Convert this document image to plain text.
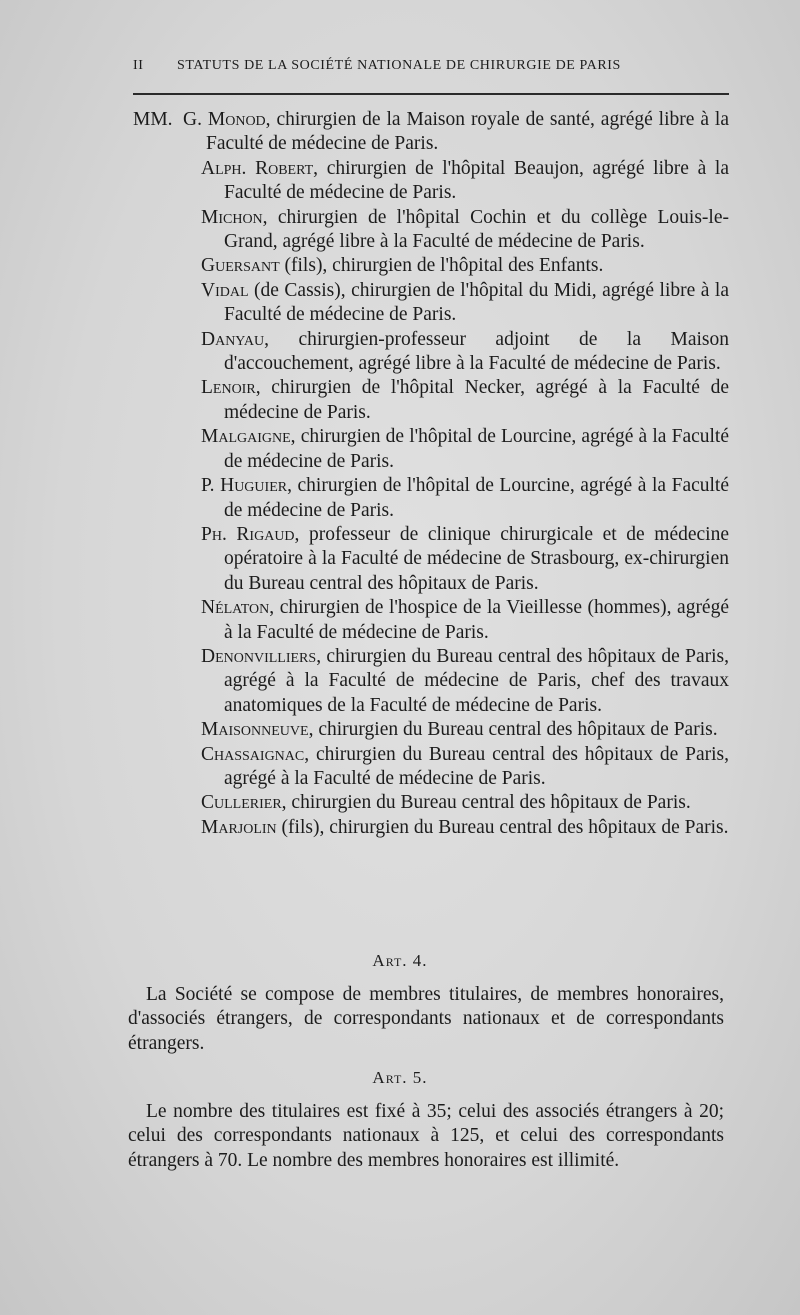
II STATUTS DE LA SOCIÉTÉ NATIONALE DE CHIRURGIE DE PARIS
MM. G. Monod, chirurgien de la Maison royale de santé, agrégé libre à la Faculté de médecine de Paris.
Alph. Robert, chirurgien de l'hôpital Beaujon, agrégé libre à la Faculté de médecine de Paris.
Michon, chirurgien de l'hôpital Cochin et du collège Louis-le-Grand, agrégé libre à la Faculté de médecine de Paris.
Guersant (fils), chirurgien de l'hôpital des Enfants.
Vidal (de Cassis), chirurgien de l'hôpital du Midi, agrégé libre à la Faculté de médecine de Paris.
Danyau, chirurgien-professeur adjoint de la Maison d'accouchement, agrégé libre à la Faculté de médecine de Paris.
Lenoir, chirurgien de l'hôpital Necker, agrégé à la Faculté de médecine de Paris.
Malgaigne, chirurgien de l'hôpital de Lourcine, agrégé à la Faculté de médecine de Paris.
P. Huguier, chirurgien de l'hôpital de Lourcine, agrégé à la Faculté de médecine de Paris.
Ph. Rigaud, professeur de clinique chirurgicale et de médecine opératoire à la Faculté de médecine de Strasbourg, ex-chirurgien du Bureau central des hôpitaux de Paris.
Nélaton, chirurgien de l'hospice de la Vieillesse (hommes), agrégé à la Faculté de médecine de Paris.
Denonvilliers, chirurgien du Bureau central des hôpitaux de Paris, agrégé à la Faculté de médecine de Paris, chef des travaux anatomiques de la Faculté de médecine de Paris.
Maisonneuve, chirurgien du Bureau central des hôpitaux de Paris.
Chassaignac, chirurgien du Bureau central des hôpitaux de Paris, agrégé à la Faculté de médecine de Paris.
Cullerier, chirurgien du Bureau central des hôpitaux de Paris.
Marjolin (fils), chirurgien du Bureau central des hôpitaux de Paris.
Art. 4.
La Société se compose de membres titulaires, de membres honoraires, d'associés étrangers, de correspondants nationaux et de correspondants étrangers.
Art. 5.
Le nombre des titulaires est fixé à 35; celui des associés étrangers à 20; celui des correspondants nationaux à 125, et celui des correspondants étrangers à 70. Le nombre des membres honoraires est illimité.
